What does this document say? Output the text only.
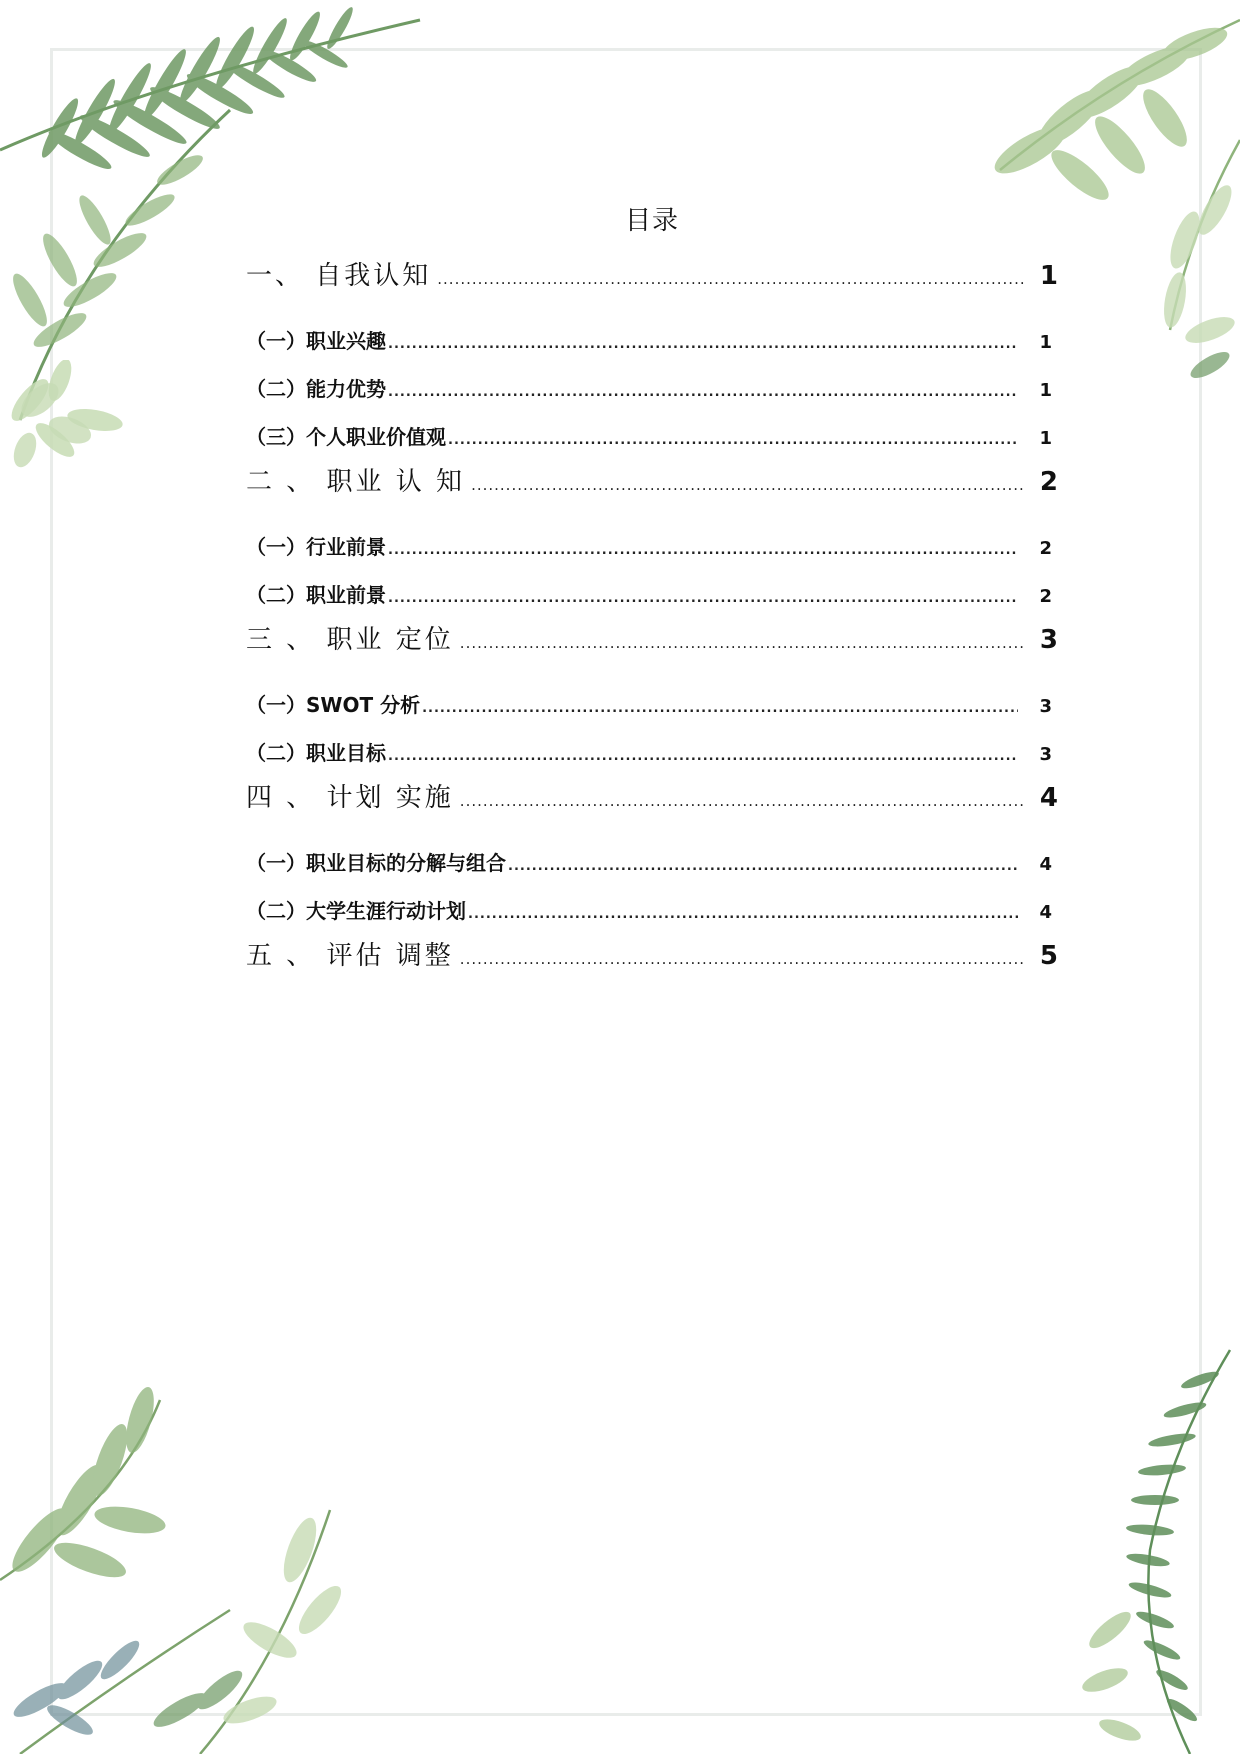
目录
一、 自我认知 .....	1
（一）职业兴趣 .....	1
（二）能力优势 .....	1
（三）个人职业价值观 .....	1
二 、 职业 认 知 .....	2
（一）行业前景 .....	2
（二）职业前景 .....	2
三 、 职业 定位 .....	3
（一）SWOT 分析 .....	3
（二）职业目标 .....	3
四 、 计划 实施 .....	4
（一）职业目标的分解与组合 .....	4
（二）大学生涯行动计划 .....	4
五 、 评估 调整 .....	5
